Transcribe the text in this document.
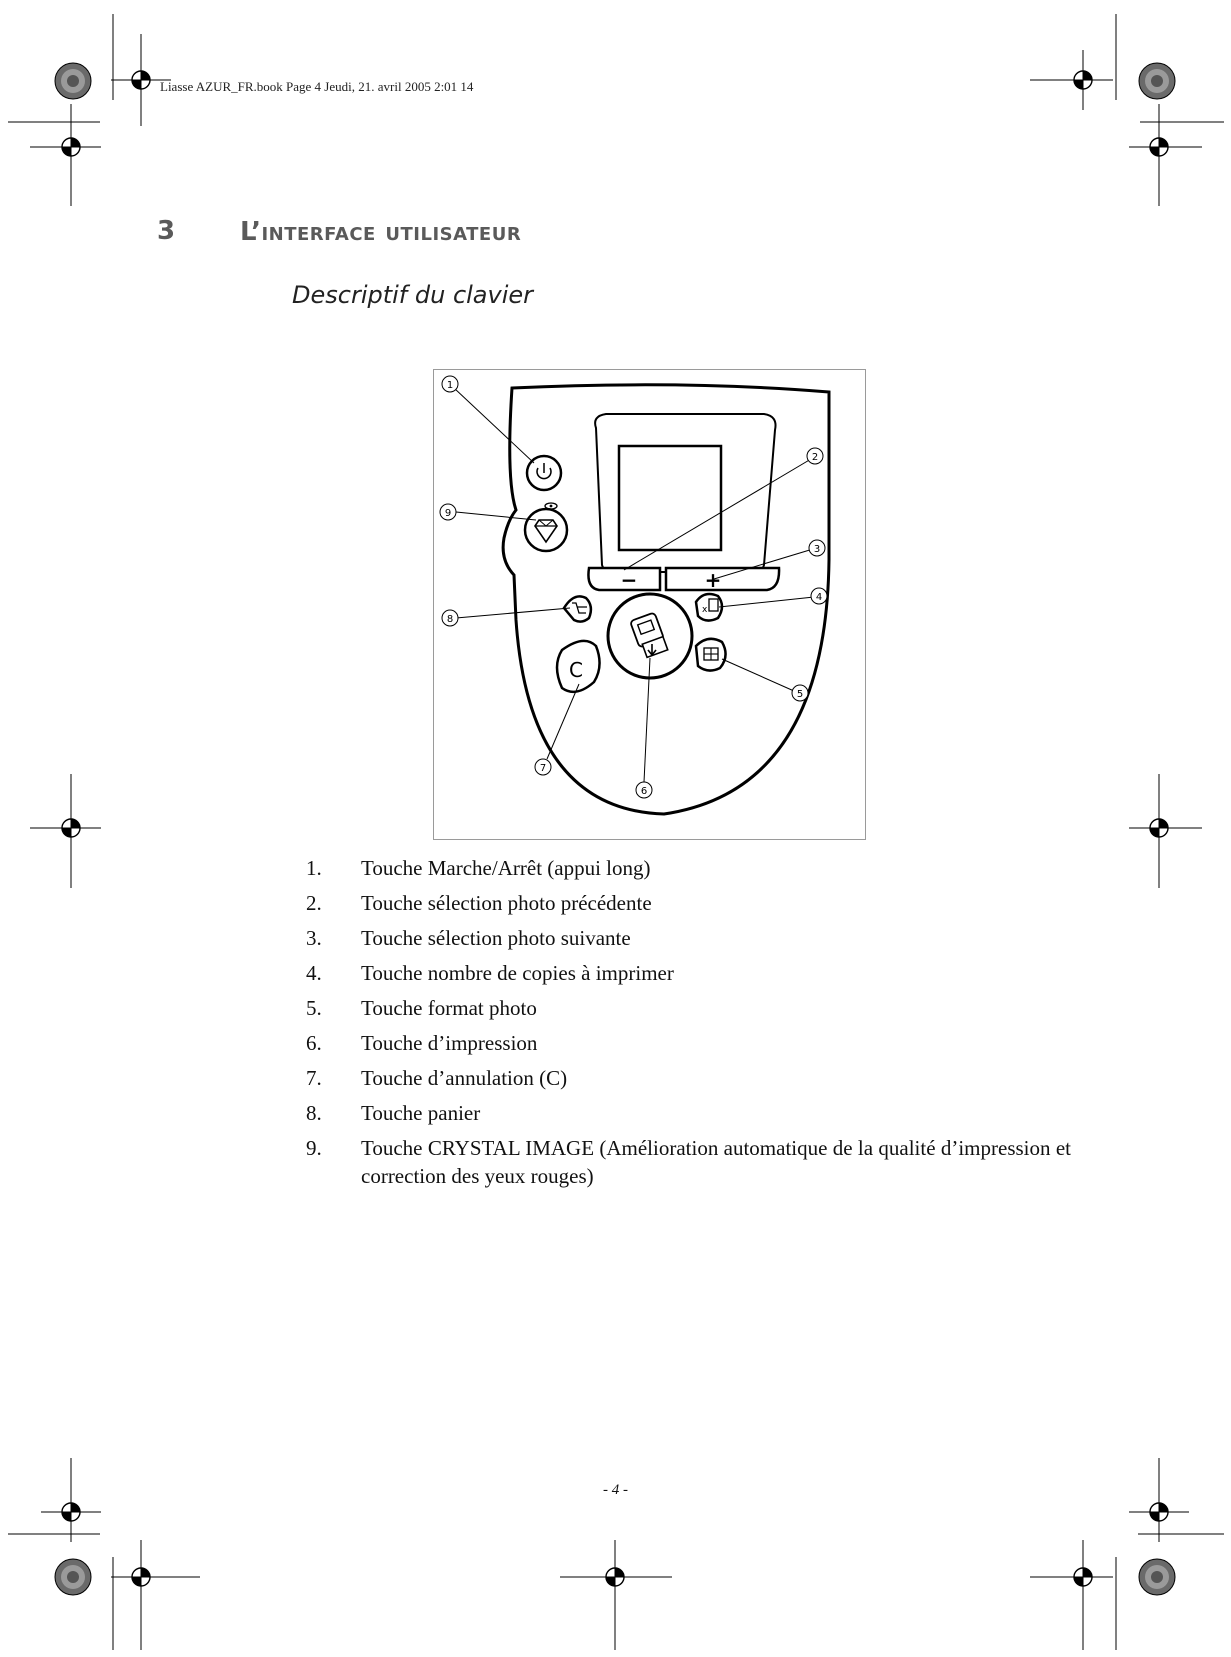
Liasse AZUR_FR.book Page 4 Jeudi, 21. avril 2005 2:01 14
3 L’interface utilisateur
Descriptif du clavier
−	+
x
C
1
2
3
4
5
6
7
8
9
1.	Touche Marche/Arrêt (appui long)
2.	Touche sélection photo précédente
3.	Touche sélection photo suivante
4.	Touche nombre de copies à imprimer
5.	Touche format photo
6.	Touche d’impression
7.	Touche d’annulation (C)
8.	Touche panier
9.	Touche CRYSTAL IMAGE (Amélioration automatique de la qualité d’impression et correction des yeux rouges)
- 4 -
